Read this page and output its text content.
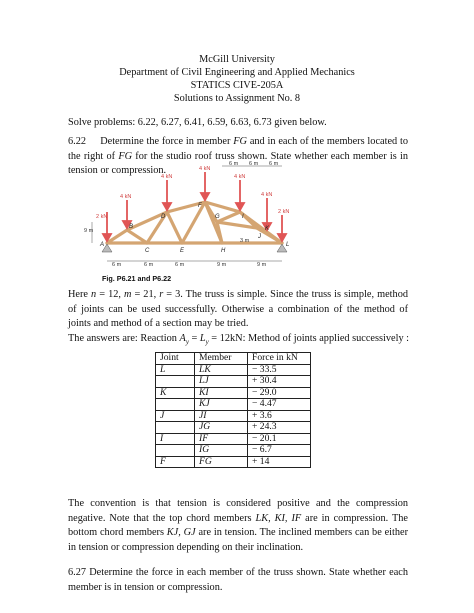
McGill University
Department of Civil Engineering and Applied Mechanics
STATICS CIVE-205A
Solutions to Assignment No. 8
Solve problems: 6.22, 6.27, 6.41, 6.59, 6.63, 6.73 given below.
6.22 Determine the force in member FG and in each of the members located to the right of FG for the studio roof truss shown. State whether each member is in tension or compression.
6 m 6 m 6 m
2 kN
4 kN
4 kN
4 kN
4 kN
4 kN
2 kN
A
B
C
D
E
F
G
H
I
J
K
L
9 m
3 m
6 m	6 m	6 m	9 m	9 m
Fig. P6.21 and P6.22
Here n = 12, m = 21, r = 3. The truss is simple. Since the truss is simple, method of joints can be used successfully. Otherwise a combination of the method of joints and method of a section may be tried.
The answers are: Reaction $A_y = L_y = 12kN$: Method of joints applied successively :
Joint	Member	Force in kN
L	LK	− 33.5
	LJ	+ 30.4
K	KI	− 29.0
	KJ	− 4.47
J	JI	+ 3.6
	JG	+ 24.3
I	IF	− 20.1
	IG	− 6.7
F	FG	+ 14
The convention is that tension is considered positive and the compression negative. Note that the top chord members LK, KI, IF are in compression. The bottom chord members KJ, GJ are in tension. The inclined members can be either in tension or compression depending on their inclination.
6.27 Determine the force in each member of the truss shown. State whether each member is in tension or compression.
